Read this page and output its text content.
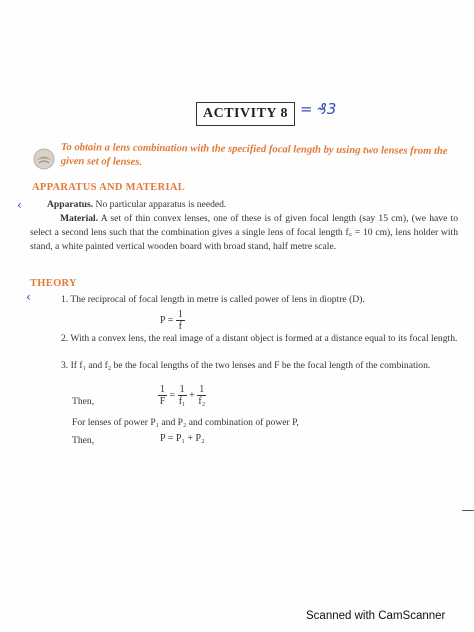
ACTIVITY 8 = ₰3
To obtain a lens combination with the specified focal length by using two lenses from the given set of lenses.
APPARATUS AND MATERIAL
‹	Apparatus. No particular apparatus is needed.
Material. A set of thin convex lenses, one of these is of given focal length (say 15 cm), (we have to select a second lens such that the combination gives a single lens of focal length f꜀ = 10 cm), lens holder with stand, a white painted vertical wooden board with broad stand, half metre scale.
THEORY
‹	1. The reciprocal of focal length in metre is called power of lens in dioptre (D).
$P = \frac{1}{f}$
2. With a convex lens, the real image of a distant object is formed at a distance equal to its focal length.
3. If f₁ and f₂ be the focal lengths of the two lenses and F be the focal length of the combination.
Then,	$\frac{1}{F} = \frac{1}{\text{f₁}} + \frac{1}{\text{f₂}}$
For lenses of power P₁ and P₂ and combination of power P,
Then,	P = P₁ + P₂
Scanned with CamScanner
